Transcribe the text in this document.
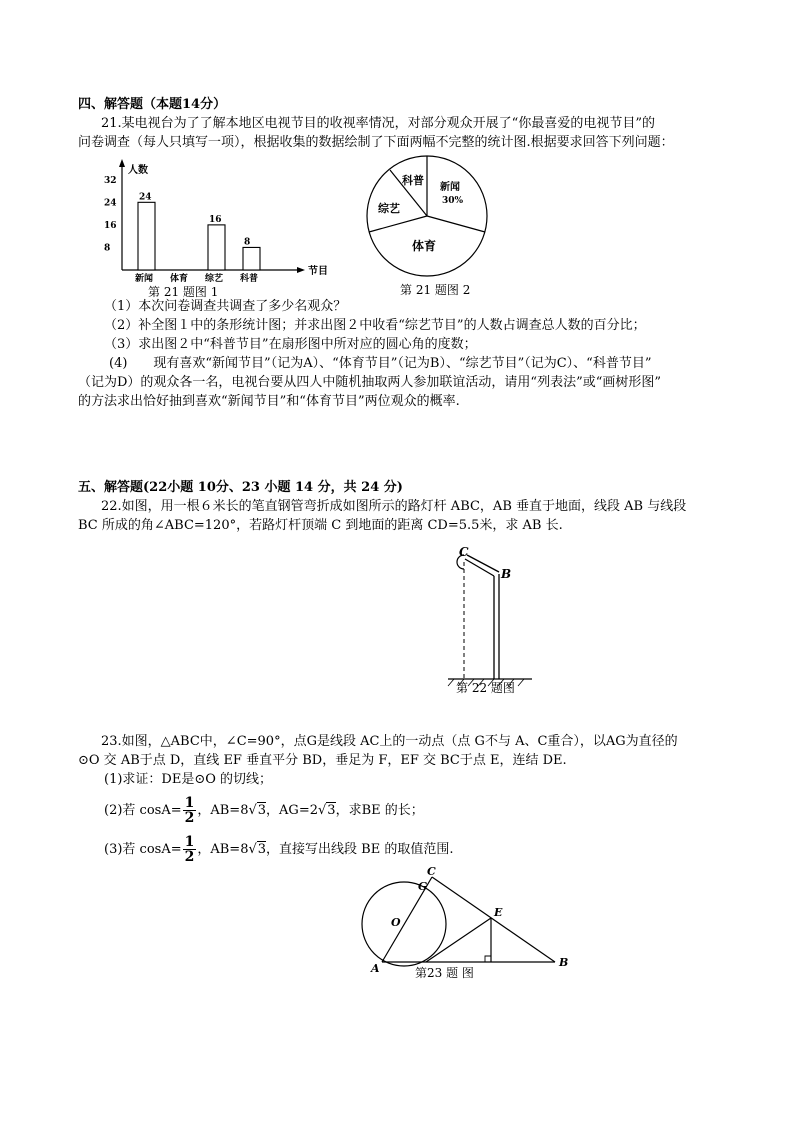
四、解答题（本题14分）
21.某电视台为了了解本地区电视节目的收视率情况，对部分观众开展了“你最喜爱的电视节目”的
问卷调查（每人只填写一项），根据收集的数据绘制了下面两幅不完整的统计图.根据要求回答下列问题：
人数
节目
32
24
16
8
24
新闻 体育
16
综艺
8
科普
第 21 题图 1
科普
新闻
30%
综艺
体育
第 21 题图 2
（1）本次问卷调查共调查了多少名观众？
（2）补全图１中的条形统计图；并求出图２中收看“综艺节目”的人数占调查总人数的百分比；
（3）求出图２中“科普节目”在扇形图中所对应的圆心角的度数；
(4)　　现有喜欢“新闻节目”（记为A）、“体育节目”（记为B）、“综艺节目”（记为C）、“科普节目”
（记为D）的观众各一名，电视台要从四人中随机抽取两人参加联谊活动，请用“列表法”或“画树形图”
的方法求出恰好抽到喜欢“新闻节目”和“体育节目”两位观众的概率.
五、解答题(22小题 10分、23 小题 14 分，共 24 分)
22.如图，用一根６米长的笔直钢管弯折成如图所示的路灯杆 ABC，AB 垂直于地面，线段 AB 与线段
BC 所成的角∠ABC=120°，若路灯杆顶端 C 到地面的距离 CD=5.5米，求 AB 长.
C
B
第 22 题图
23.如图，△ABC中，∠C=90°，点G是线段 AC上的一动点（点 G不与 A、C重合），以AG为直径的
⊙O 交 AB于点 D，直线 EF 垂直平分 BD，垂足为 F，EF 交 BC于点 E，连结 DE.
(1)求证：DE是⊙O 的切线；
(2)若 $\cos A= \frac{1}{2}$ ，AB=8√3，AG=2√3，求BE 的长；
(3)若 $\cos A= \frac{1}{2}$ ，AB=8√3，直接写出线段 BE 的取值范围.
C
G
O
A
E
B
第23 题 图
